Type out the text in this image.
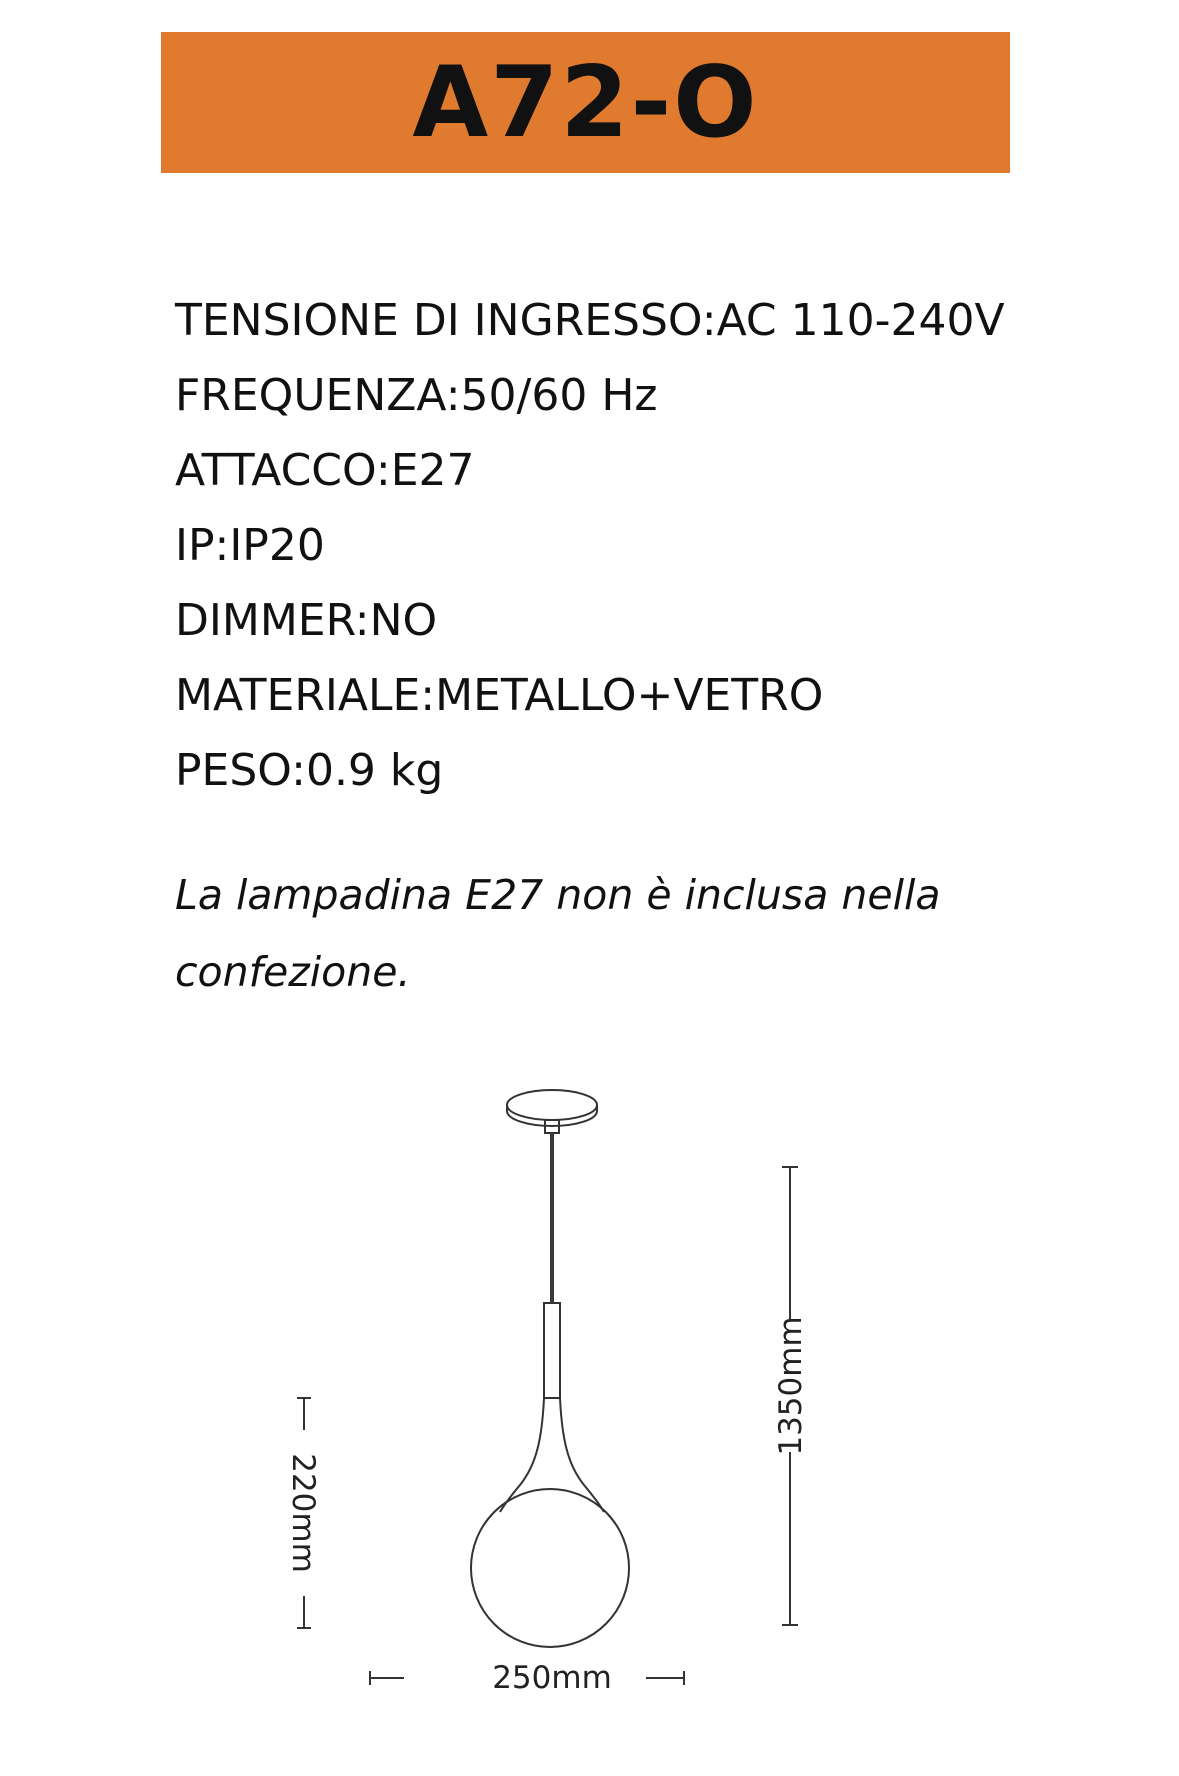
A72-O
TENSIONE DI INGRESSO:AC 110-240V
FREQUENZA:50/60 Hz
ATTACCO:E27
IP:IP20
DIMMER:NO
MATERIALE:METALLO+VETRO
PESO:0.9 kg
La lampadina E27 non è inclusa nella confezione.
1350mm
220mm
250mm
